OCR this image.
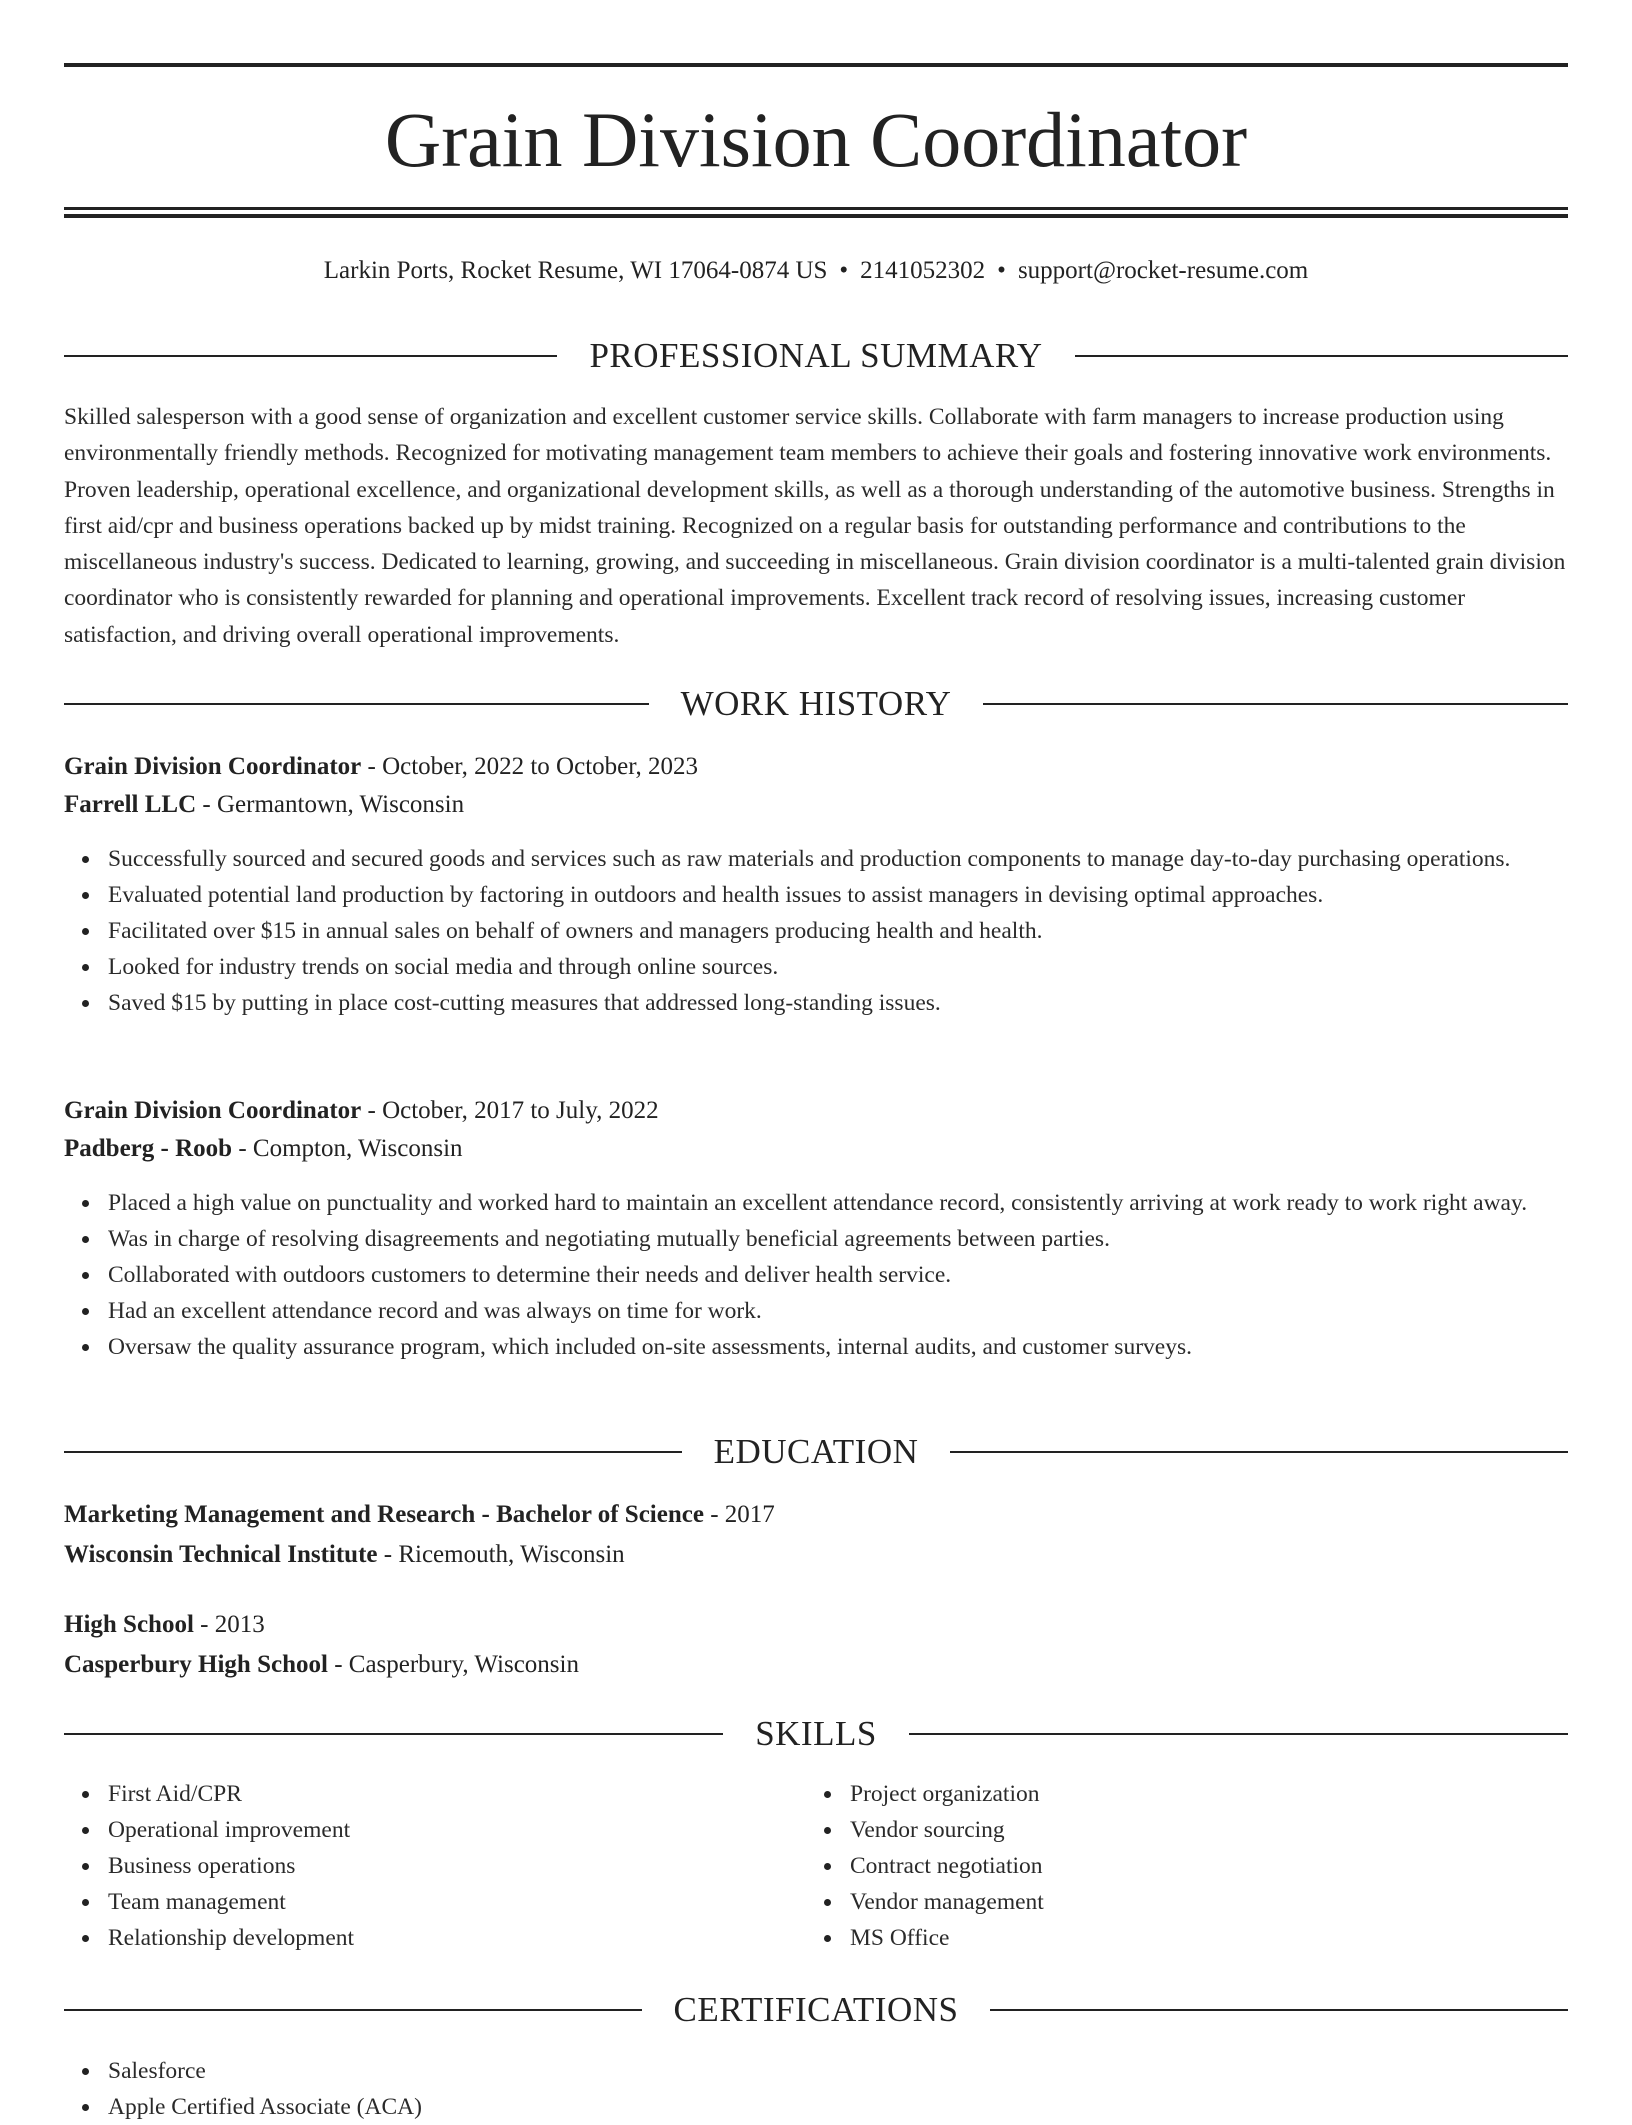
Grain Division Coordinator
Larkin Ports, Rocket Resume, WI 17064-0874 US • 2141052302 • support@rocket-resume.com
PROFESSIONAL SUMMARY

Skilled salesperson with a good sense of organization and excellent customer service skills. Collaborate with farm managers to increase production using environmentally friendly methods. Recognized for motivating management team members to achieve their goals and fostering innovative work environments. Proven leadership, operational excellence, and organizational development skills, as well as a thorough understanding of the automotive business. Strengths in first aid/cpr and business operations backed up by midst training. Recognized on a regular basis for outstanding performance and contributions to the miscellaneous industry's success. Dedicated to learning, growing, and succeeding in miscellaneous. Grain division coordinator is a multi-talented grain division coordinator who is consistently rewarded for planning and operational improvements. Excellent track record of resolving issues, increasing customer satisfaction, and driving overall operational improvements.

WORK HISTORY
Grain Division Coordinator - October, 2022 to October, 2023
Farrell LLC - Germantown, Wisconsin
Successfully sourced and secured goods and services such as raw materials and production components to manage day-to-day purchasing operations.
Evaluated potential land production by factoring in outdoors and health issues to assist managers in devising optimal approaches.
Facilitated over $15 in annual sales on behalf of owners and managers producing health and health.
Looked for industry trends on social media and through online sources.
Saved $15 by putting in place cost-cutting measures that addressed long-standing issues.
Grain Division Coordinator - October, 2017 to July, 2022
Padberg - Roob - Compton, Wisconsin
Placed a high value on punctuality and worked hard to maintain an excellent attendance record, consistently arriving at work ready to work right away.
Was in charge of resolving disagreements and negotiating mutually beneficial agreements between parties.
Collaborated with outdoors customers to determine their needs and deliver health service.
Had an excellent attendance record and was always on time for work.
Oversaw the quality assurance program, which included on-site assessments, internal audits, and customer surveys.
EDUCATION
Marketing Management and Research - Bachelor of Science - 2017
Wisconsin Technical Institute - Ricemouth, Wisconsin
High School - 2013
Casperbury High School - Casperbury, Wisconsin
SKILLS
First Aid/CPR
Operational improvement
Business operations
Team management
Relationship development
Project organization
Vendor sourcing
Contract negotiation
Vendor management
MS Office
CERTIFICATIONS
Salesforce
Apple Certified Associate (ACA)
